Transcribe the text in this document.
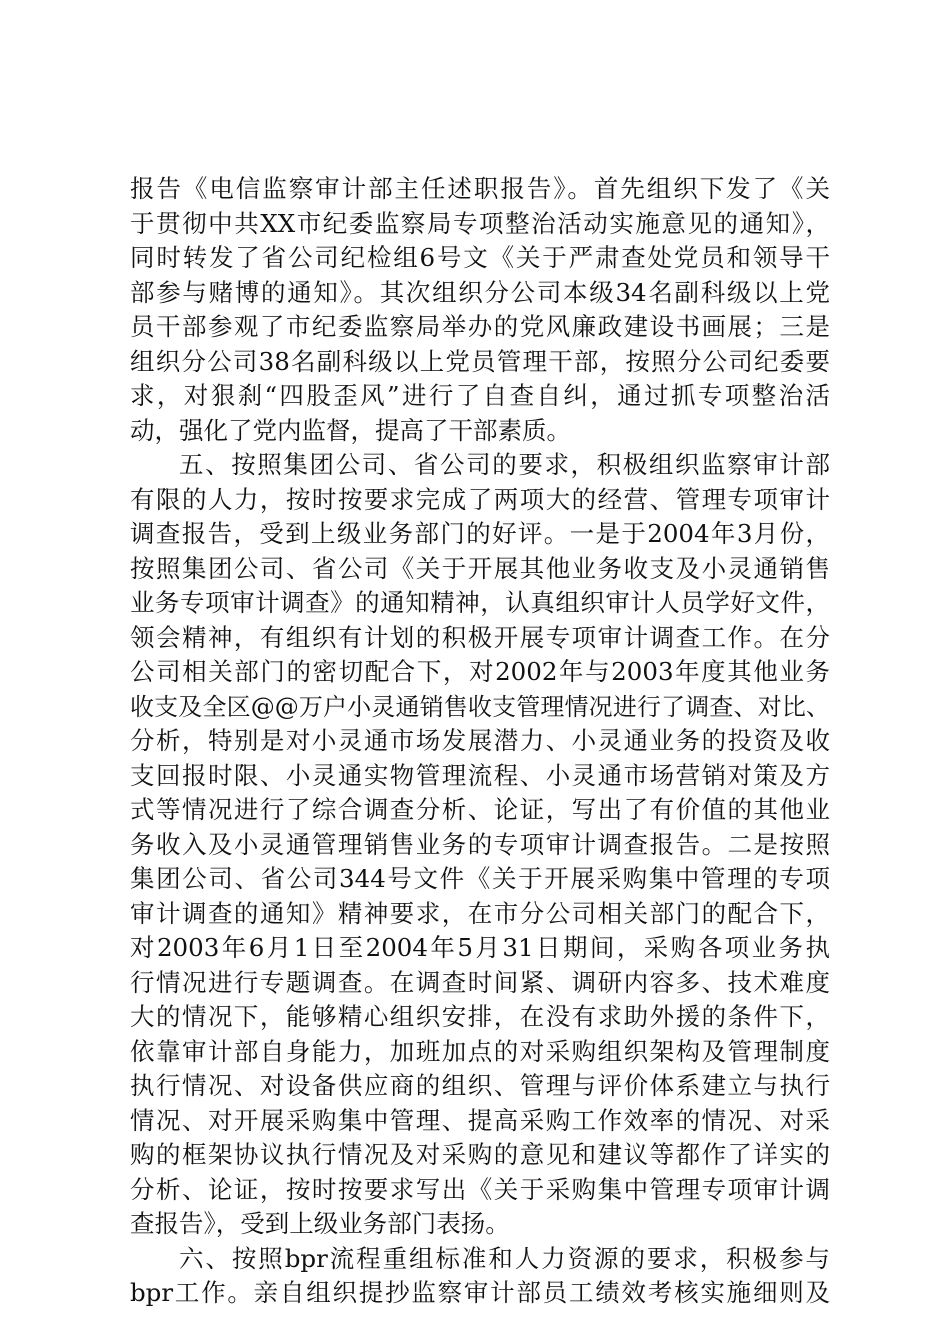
报告《电信监察审计部主任述职报告》。首先组织下发了《关
于贯彻中共XX市纪委监察局专项整治活动实施意见的通知》，
同时转发了省公司纪检组6号文《关于严肃查处党员和领导干
部参与赌博的通知》。其次组织分公司本级34名副科级以上党
员干部参观了市纪委监察局举办的党风廉政建设书画展；三是
组织分公司38名副科级以上党员管理干部，按照分公司纪委要
求，对狠刹“四股歪风”进行了自查自纠，通过抓专项整治活
动，强化了党内监督，提高了干部素质。
五、按照集团公司、省公司的要求，积极组织监察审计部
有限的人力，按时按要求完成了两项大的经营、管理专项审计
调查报告，受到上级业务部门的好评。一是于2004年3月份，
按照集团公司、省公司《关于开展其他业务收支及小灵通销售
业务专项审计调查》的通知精神，认真组织审计人员学好文件，
领会精神，有组织有计划的积极开展专项审计调查工作。在分
公司相关部门的密切配合下，对2002年与2003年度其他业务
收支及全区@@万户小灵通销售收支管理情况进行了调查、对比、
分析，特别是对小灵通市场发展潜力、小灵通业务的投资及收
支回报时限、小灵通实物管理流程、小灵通市场营销对策及方
式等情况进行了综合调查分析、论证，写出了有价值的其他业
务收入及小灵通管理销售业务的专项审计调查报告。二是按照
集团公司、省公司344号文件《关于开展采购集中管理的专项
审计调查的通知》精神要求，在市分公司相关部门的配合下，
对2003年6月1日至2004年5月31日期间，采购各项业务执
行情况进行专题调查。在调查时间紧、调研内容多、技术难度
大的情况下，能够精心组织安排，在没有求助外援的条件下，
依靠审计部自身能力，加班加点的对采购组织架构及管理制度
执行情况、对设备供应商的组织、管理与评价体系建立与执行
情况、对开展采购集中管理、提高采购工作效率的情况、对采
购的框架协议执行情况及对采购的意见和建议等都作了详实的
分析、论证，按时按要求写出《关于采购集中管理专项审计调
查报告》，受到上级业务部门表扬。
六、按照bpr流程重组标准和人力资源的要求，积极参与
bpr工作。亲自组织提抄监察审计部员工绩效考核实施细则及
